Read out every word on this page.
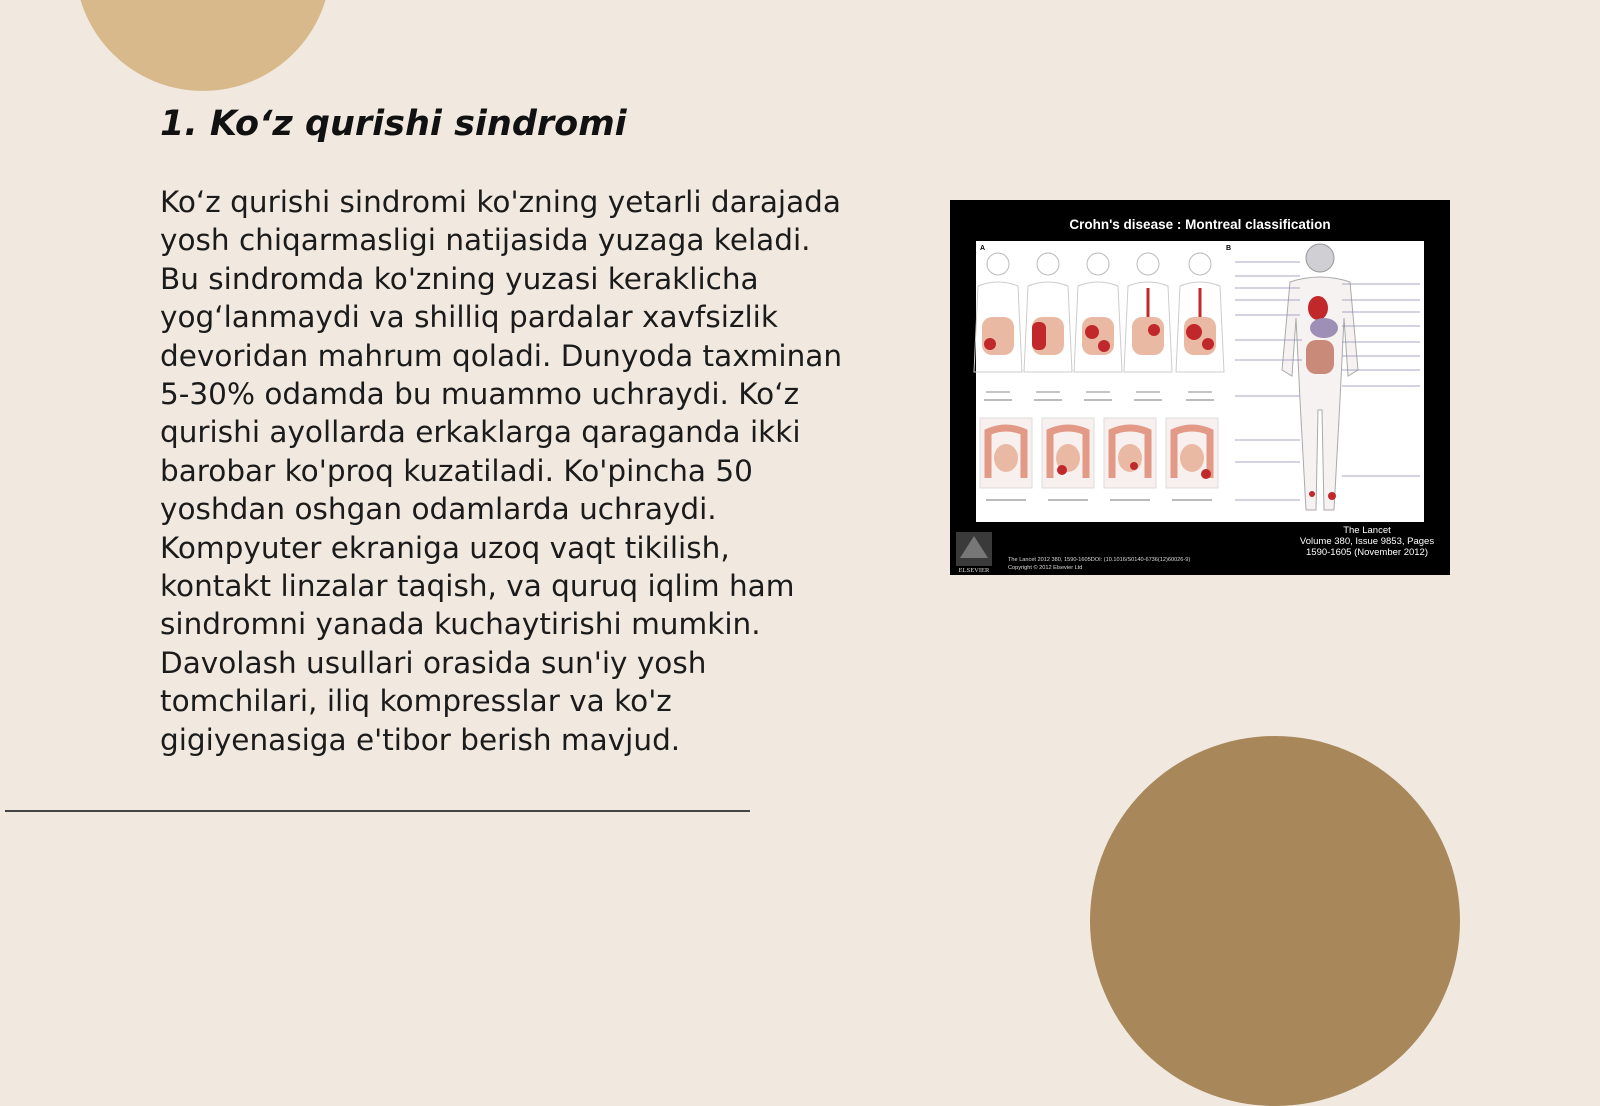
1. Ko‘z qurishi sindromi

Ko‘z qurishi sindromi ko'zning yetarli darajada yosh chiqarmasligi natijasida yuzaga keladi. Bu sindromda ko'zning yuzasi keraklicha yog‘lanmaydi va shilliq pardalar xavfsizlik devoridan mahrum qoladi. Dunyoda taxminan 5-30% odamda bu muammo uchraydi. Ko‘z qurishi ayollarda erkaklarga qaraganda ikki barobar ko'proq kuzatiladi. Ko'pincha 50 yoshdan oshgan odamlarda uchraydi. Kompyuter ekraniga uzoq vaqt tikilish, kontakt linzalar taqish, va quruq iqlim ham sindromni yanada kuchaytirishi mumkin. Davolash usullari orasida sun'iy yosh tomchilari, iliq kompresslar va ko'z gigiyenasiga e'tibor berish mavjud.

Crohn's disease : Montreal classification
A	B
ELSEVIER
The Lancet 2012 380, 1590-1605DOI: (10.1016/S0140-6736(12)60026-9)
Copyright © 2012 Elsevier Ltd
The Lancet
Volume 380, Issue 9853, Pages
1590-1605 (November 2012)
